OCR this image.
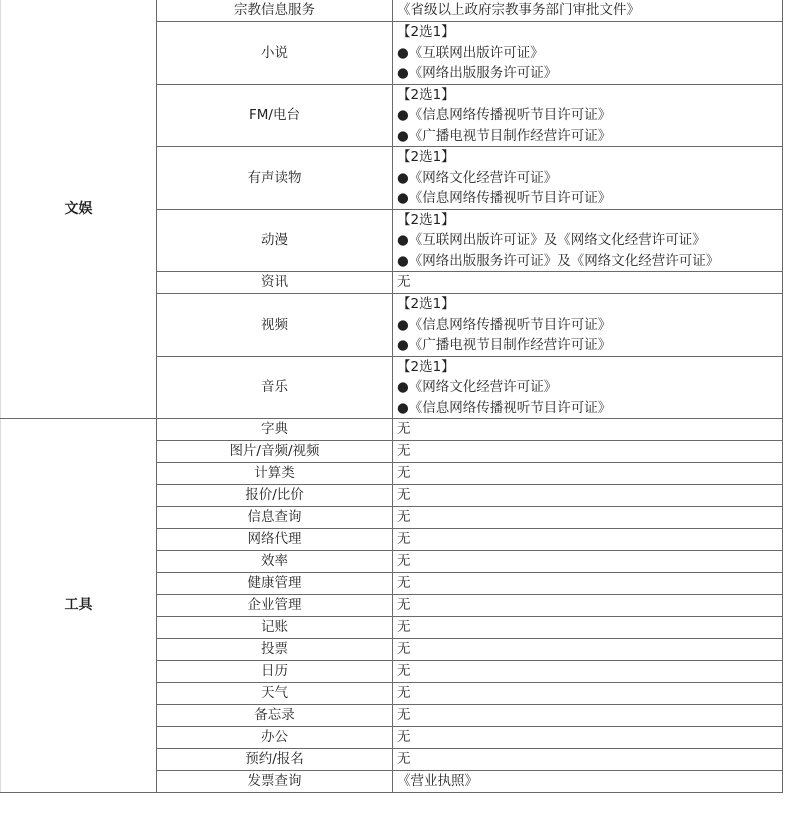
文娱	宗教信息服务	《省级以上政府宗教事务部门审批文件》

	小说	【2选1】
●《互联网出版许可证》
●《网络出版服务许可证》

	FM/电台	【2选1】
●《信息网络传播视听节目许可证》
●《广播电视节目制作经营许可证》

	有声读物	【2选1】
●《网络文化经营许可证》
●《信息网络传播视听节目许可证》

	动漫	【2选1】
●《互联网出版许可证》及《网络文化经营许可证》
●《网络出版服务许可证》及《网络文化经营许可证》

	资讯	无

	视频	【2选1】
●《信息网络传播视听节目许可证》
●《广播电视节目制作经营许可证》

	音乐	【2选1】
●《网络文化经营许可证》
●《信息网络传播视听节目许可证》

工具	字典	无

	图片/音频/视频	无

	计算类	无

	报价/比价	无

	信息查询	无

	网络代理	无

	效率	无

	健康管理	无

	企业管理	无

	记账	无

	投票	无

	日历	无

	天气	无

	备忘录	无

	办公	无

	预约/报名	无

	发票查询	《营业执照》
